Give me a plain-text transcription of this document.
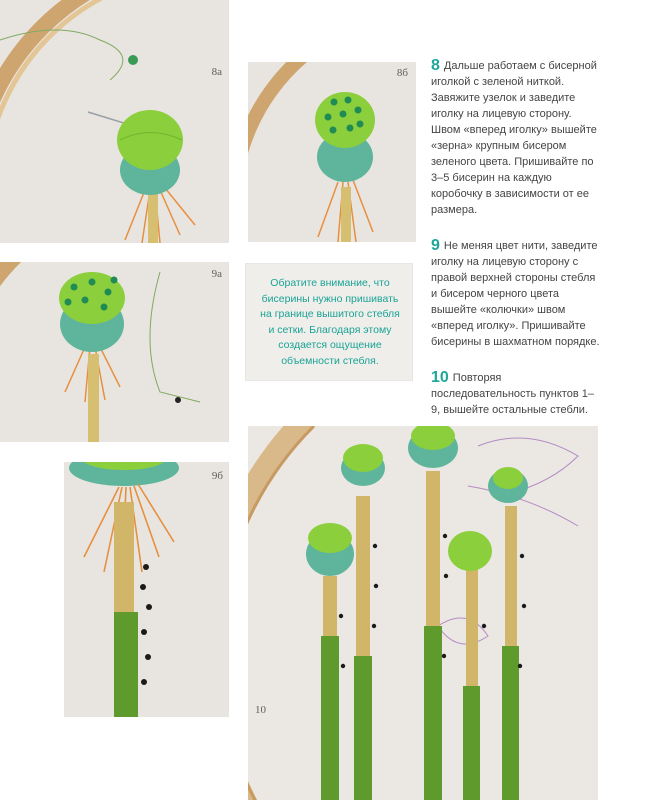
8а	8б
9а
9б
10

8 Дальше работаем с бисерной иголкой с зеленой ниткой. Завяжите узелок и заведите иголку на лицевую сторону. Швом «вперед иголку» вышейте «зерна» крупным бисером зеленого цвета. Пришивайте по 3–5 бисерин на каждую коробочку в зависимости от ее размера.

9 Не меняя цвет нити, заведите иголку на лицевую сторону с правой верхней стороны стебля и бисером черного цвета вышейте «колючки» швом «вперед иголку». Пришивайте бисерины в шахматном порядке.

10 Повторяя последовательность пунктов 1–9, вышейте остальные стебли.

Обратите внимание, что бисерины нужно пришивать на границе вышитого стебля и сетки. Благодаря этому создается ощущение объемности стебля.
